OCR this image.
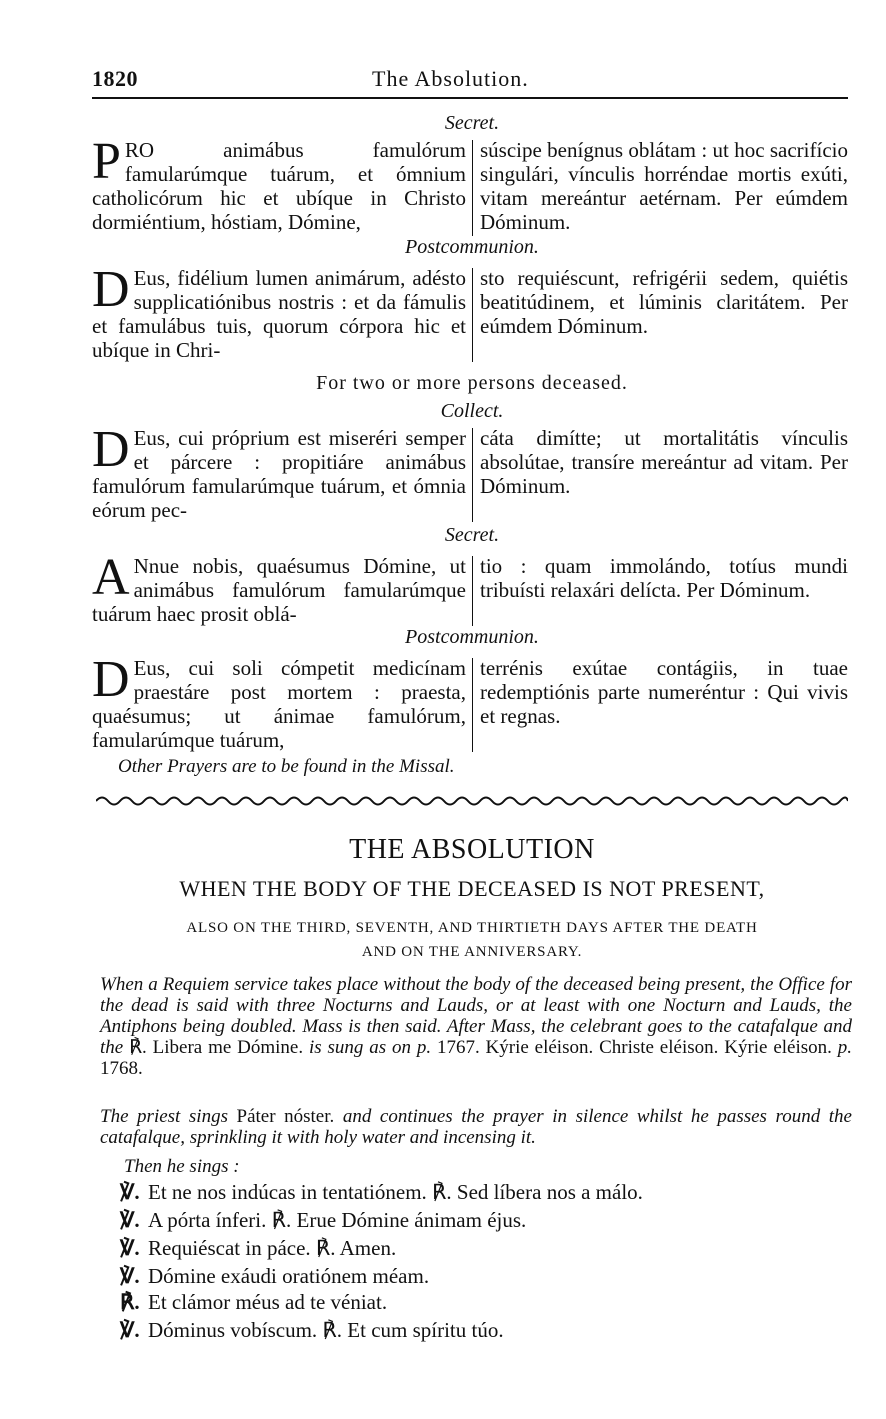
1820	The Absolution.
Secret.
PRO animábus famulórum famularúmque tuárum, et ómnium catholicórum hic et ubíque in Christo dormiéntium, hóstiam, Dómine,
súscipe benígnus oblátam : ut hoc sacrifício singulári, vínculis horréndae mortis exúti, vitam mereántur aetérnam. Per eúmdem Dóminum.
Postcommunion.
D Eus, fidélium lumen animárum, adésto supplicatiónibus nostris : et da fámulis et famulábus tuis, quorum córpora hic et ubíque in Chri-
sto requiéscunt, refrigérii sedem, quiétis beatitúdinem, et lúminis claritátem. Per eúmdem Dóminum.
For two or more persons deceased.
Collect.
D Eus, cui próprium est miseréri semper et párcere : propitiáre animábus famulórum famularúmque tuárum, et ómnia eórum pec-
cáta dimítte; ut mortalitátis vínculis absolútae, transíre mereántur ad vitam. Per Dóminum.
Secret.
A Nnue nobis, quaésumus Dómine, ut animábus famulórum famularúmque tuárum haec prosit oblá-
tio : quam immolándo, totíus mundi tribuísti relaxári delícta. Per Dóminum.
Postcommunion.
D Eus, cui soli cómpetit medicínam praestáre post mortem : praesta, quaésumus; ut ánimae famulórum, famularúmque tuárum,
terrénis exútae contágiis, in tuae redemptiónis parte numeréntur : Qui vivis et regnas.
Other Prayers are to be found in the Missal.
THE ABSOLUTION
WHEN THE BODY OF THE DECEASED IS NOT PRESENT,
ALSO ON THE THIRD, SEVENTH, AND THIRTIETH DAYS AFTER THE DEATH
AND ON THE ANNIVERSARY.
When a Requiem service takes place without the body of the deceased being present, the Office for the dead is said with three Nocturns and Lauds, or at least with one Nocturn and Lauds, the Antiphons being doubled. Mass is then said. After Mass, the celebrant goes to the catafalque and the ℟. Libera me Dómine. is sung as on p. 1767. Kýrie eléison. Christe eléison. Kýrie eléison. p. 1768.
The priest sings Páter nóster. and continues the prayer in silence whilst he passes round the catafalque, sprinkling it with holy water and incensing it.
Then he sings :
℣. Et ne nos indúcas in tentatiónem. ℟. Sed líbera nos a málo.
℣. A pórta ínferi. ℟. Erue Dómine ánimam éjus.
℣. Requiéscat in páce. ℟. Amen.
℣. Dómine exáudi oratiónem méam.
℟. Et clámor méus ad te véniat.
℣. Dóminus vobíscum. ℟. Et cum spíritu túo.
